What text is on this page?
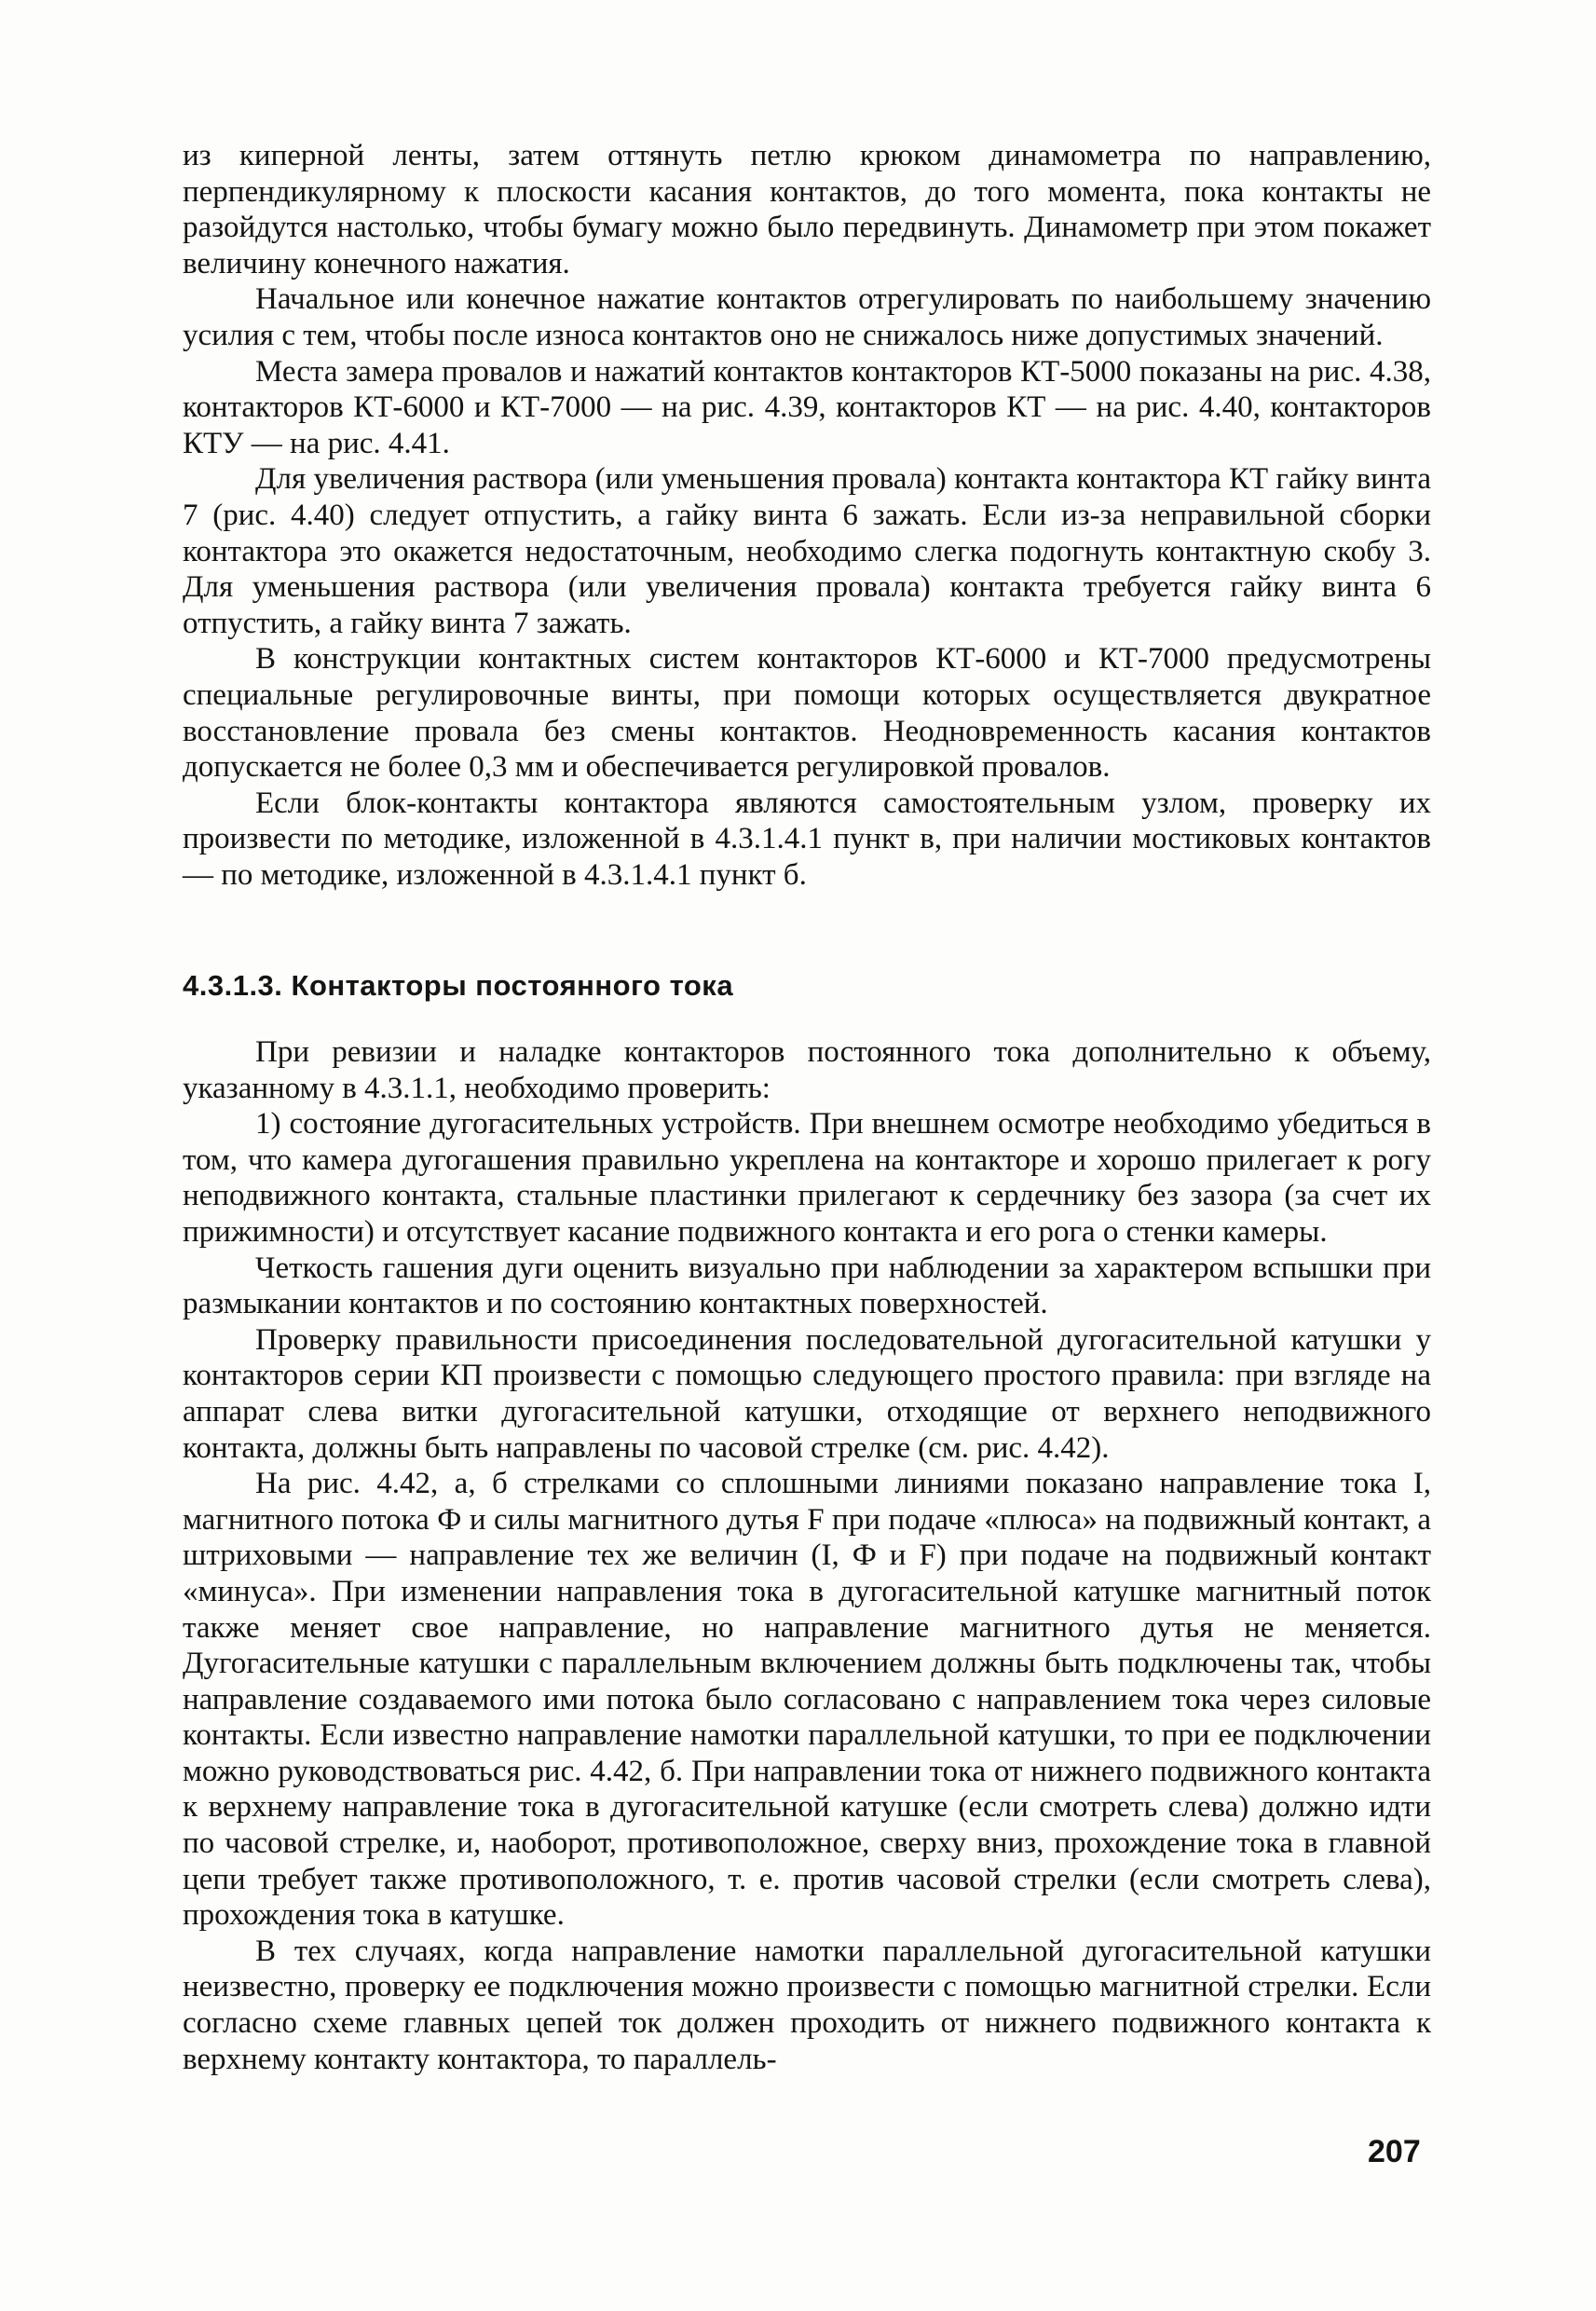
из киперной ленты, затем оттянуть петлю крюком динамометра по направлению, перпендикулярному к плоскости касания контактов, до того момента, пока контакты не разойдутся настолько, чтобы бумагу можно было передвинуть. Динамометр при этом покажет величину конечного нажатия.

Начальное или конечное нажатие контактов отрегулировать по наибольшему значению усилия с тем, чтобы после износа контактов оно не снижалось ниже допустимых значений.

Места замера провалов и нажатий контактов контакторов КТ-5000 показаны на рис. 4.38, контакторов КТ-6000 и КТ-7000 — на рис. 4.39, контакторов КТ — на рис. 4.40, контакторов КТУ — на рис. 4.41.

Для увеличения раствора (или уменьшения провала) контакта контактора КТ гайку винта 7 (рис. 4.40) следует отпустить, а гайку винта 6 зажать. Если из-за неправильной сборки контактора это окажется недостаточным, необходимо слегка подогнуть контактную скобу 3. Для уменьшения раствора (или увеличения провала) контакта требуется гайку винта 6 отпустить, а гайку винта 7 зажать.

В конструкции контактных систем контакторов КТ-6000 и КТ-7000 предусмотрены специальные регулировочные винты, при помощи которых осуществляется двукратное восстановление провала без смены контактов. Неодновременность касания контактов допускается не более 0,3 мм и обеспечивается регулировкой провалов.

Если блок-контакты контактора являются самостоятельным узлом, проверку их произвести по методике, изложенной в 4.3.1.4.1 пункт в, при наличии мостиковых контактов — по методике, изложенной в 4.3.1.4.1 пункт б.

4.3.1.3. Контакторы постоянного тока

При ревизии и наладке контакторов постоянного тока дополнительно к объему, указанному в 4.3.1.1, необходимо проверить:

1) состояние дугогасительных устройств. При внешнем осмотре необходимо убедиться в том, что камера дугогашения правильно укреплена на контакторе и хорошо прилегает к рогу неподвижного контакта, стальные пластинки прилегают к сердечнику без зазора (за счет их прижимности) и отсутствует касание подвижного контакта и его рога о стенки камеры.

Четкость гашения дуги оценить визуально при наблюдении за характером вспышки при размыкании контактов и по состоянию контактных поверхностей.

Проверку правильности присоединения последовательной дугогасительной катушки у контакторов серии КП произвести с помощью следующего простого правила: при взгляде на аппарат слева витки дугогасительной катушки, отходящие от верхнего неподвижного контакта, должны быть направлены по часовой стрелке (см. рис. 4.42).

На рис. 4.42, а, б стрелками со сплошными линиями показано направление тока I, магнитного потока Ф и силы магнитного дутья F при подаче «плюса» на подвижный контакт, а штриховыми — направление тех же величин (I, Ф и F) при подаче на подвижный контакт «минуса». При изменении направления тока в дугогасительной катушке магнитный поток также меняет свое направление, но направление магнитного дутья не меняется. Дугогасительные катушки с параллельным включением должны быть подключены так, чтобы направление создаваемого ими потока было согласовано с направлением тока через силовые контакты. Если известно направление намотки параллельной катушки, то при ее подключении можно руководствоваться рис. 4.42, б. При направлении тока от нижнего подвижного контакта к верхнему направление тока в дугогасительной катушке (если смотреть слева) должно идти по часовой стрелке, и, наоборот, противоположное, сверху вниз, прохождение тока в главной цепи требует также противоположного, т. е. против часовой стрелки (если смотреть слева), прохождения тока в катушке.

В тех случаях, когда направление намотки параллельной дугогасительной катушки неизвестно, проверку ее подключения можно произвести с помощью магнитной стрелки. Если согласно схеме главных цепей ток должен проходить от нижнего подвижного контакта к верхнему контакту контактора, то параллель-

207
